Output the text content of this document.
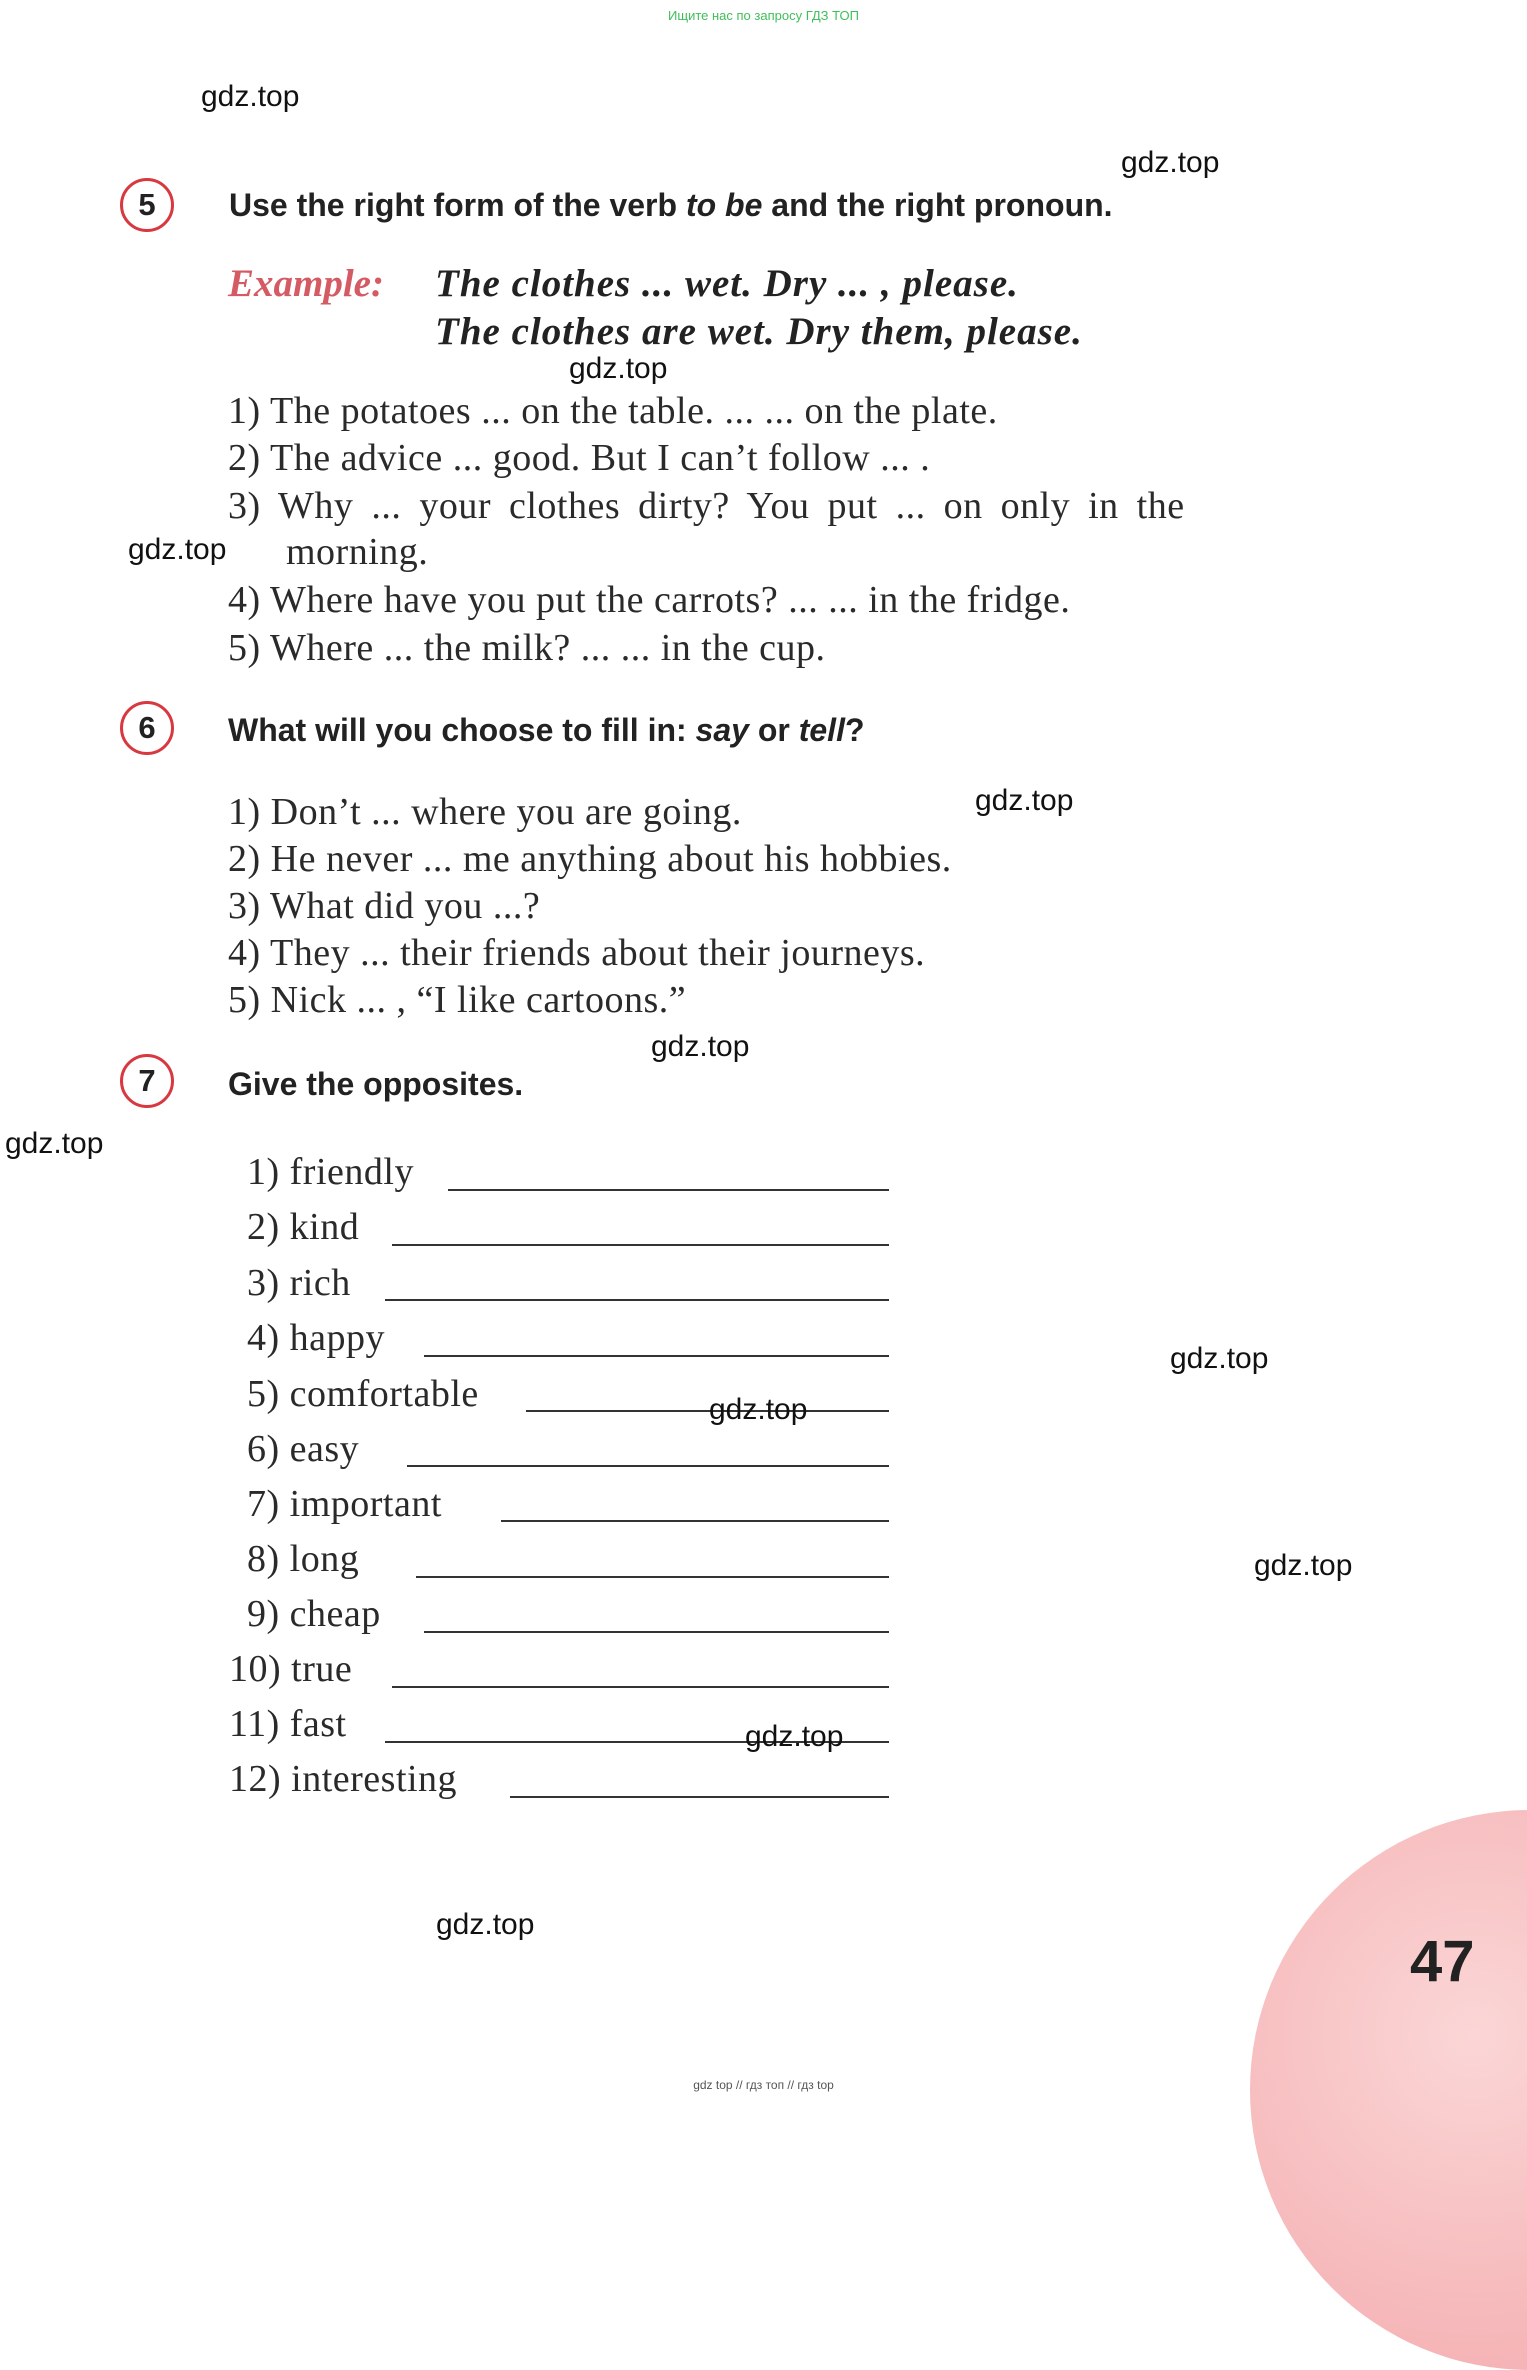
Ищите нас по запросу ГДЗ ТОП
gdz.top
gdz.top
gdz.top
gdz.top
gdz.top
gdz.top
gdz.top
gdz.top
gdz.top
gdz.top
5 Use the right form of the verb to be and the right pronoun.
Example: The clothes ... wet. Dry ... , please.
The clothes are wet. Dry them, please.
1) The potatoes ... on the table. ... ... on the plate.
2) The advice ... good. But I can’t follow ... .
3) Why ... your clothes dirty? You put ... on only in the
morning.
4) Where have you put the carrots? ... ... in the fridge.
5) Where ... the milk? ... ... in the cup.
6 What will you choose to fill in: say or tell?
1) Don’t ... where you are going.
2) He never ... me anything about his hobbies.
3) What did you ...?
4) They ... their friends about their journeys.
5) Nick ... , “I like cartoons.”
7 Give the opposites.
1) friendly
2) kind
3) rich
4) happy
5) comfortable
6) easy
7) important
8) long
9) cheap
10) true
11) fast	gdz.top
gdz.top
12) interesting
47
gdz top // гдз топ // гдз top
